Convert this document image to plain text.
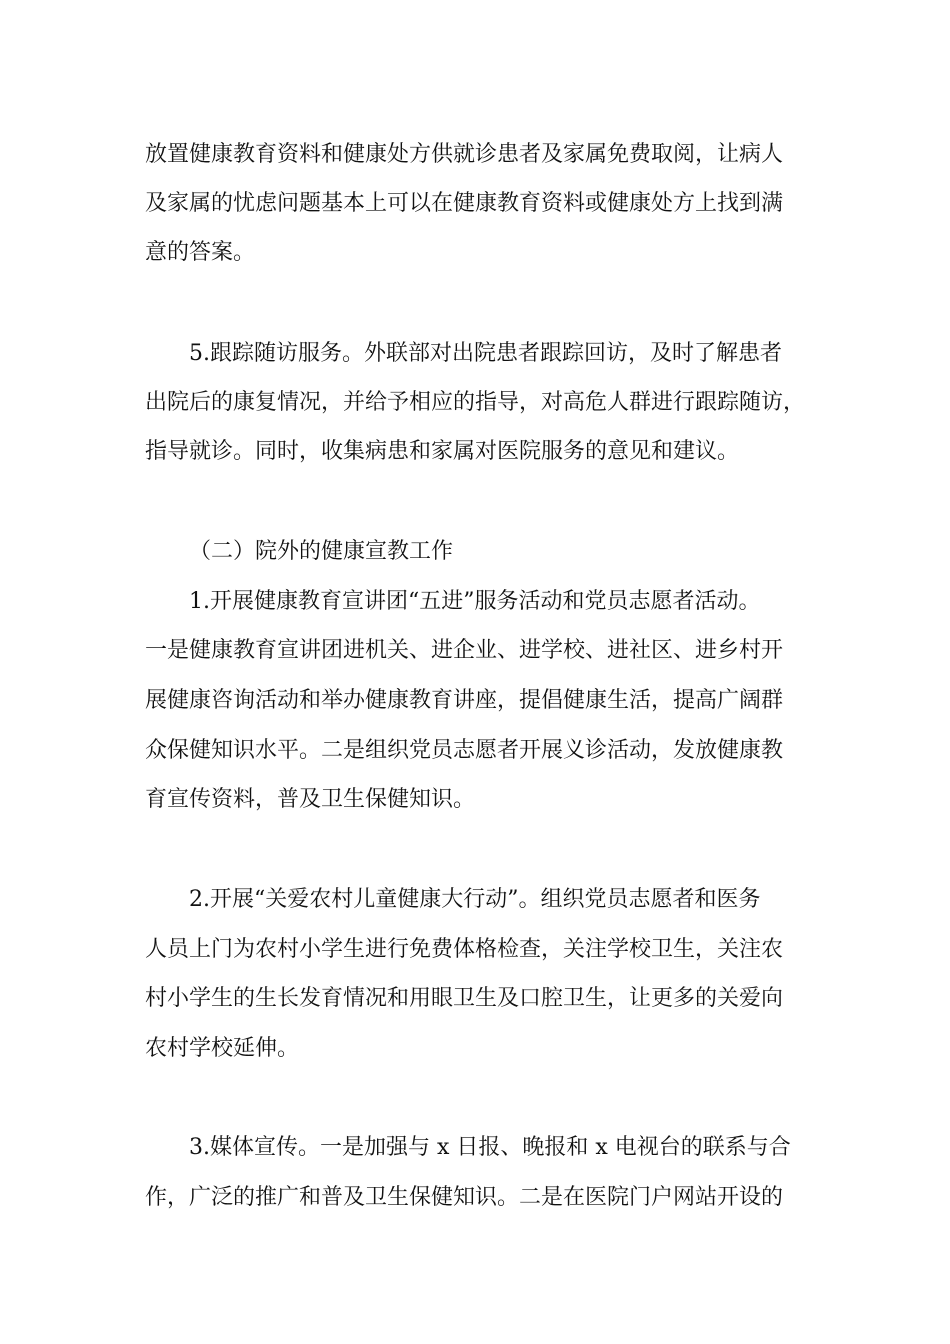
放置健康教育资料和健康处方供就诊患者及家属免费取阅，让病人
及家属的忧虑问题基本上可以在健康教育资料或健康处方上找到满
意的答案。
5.跟踪随访服务。外联部对出院患者跟踪回访，及时了解患者
出院后的康复情况，并给予相应的指导，对高危人群进行跟踪随访，
指导就诊。同时，收集病患和家属对医院服务的意见和建议。
（二）院外的健康宣教工作
1.开展健康教育宣讲团“五进”服务活动和党员志愿者活动。
一是健康教育宣讲团进机关、进企业、进学校、进社区、进乡村开
展健康咨询活动和举办健康教育讲座，提倡健康生活，提高广阔群
众保健知识水平。二是组织党员志愿者开展义诊活动，发放健康教
育宣传资料，普及卫生保健知识。
2.开展“关爱农村儿童健康大行动”。组织党员志愿者和医务
人员上门为农村小学生进行免费体格检查，关注学校卫生，关注农
村小学生的生长发育情况和用眼卫生及口腔卫生，让更多的关爱向
农村学校延伸。
3.媒体宣传。一是加强与 x 日报、晚报和 x 电视台的联系与合
作，广泛的推广和普及卫生保健知识。二是在医院门户网站开设的
